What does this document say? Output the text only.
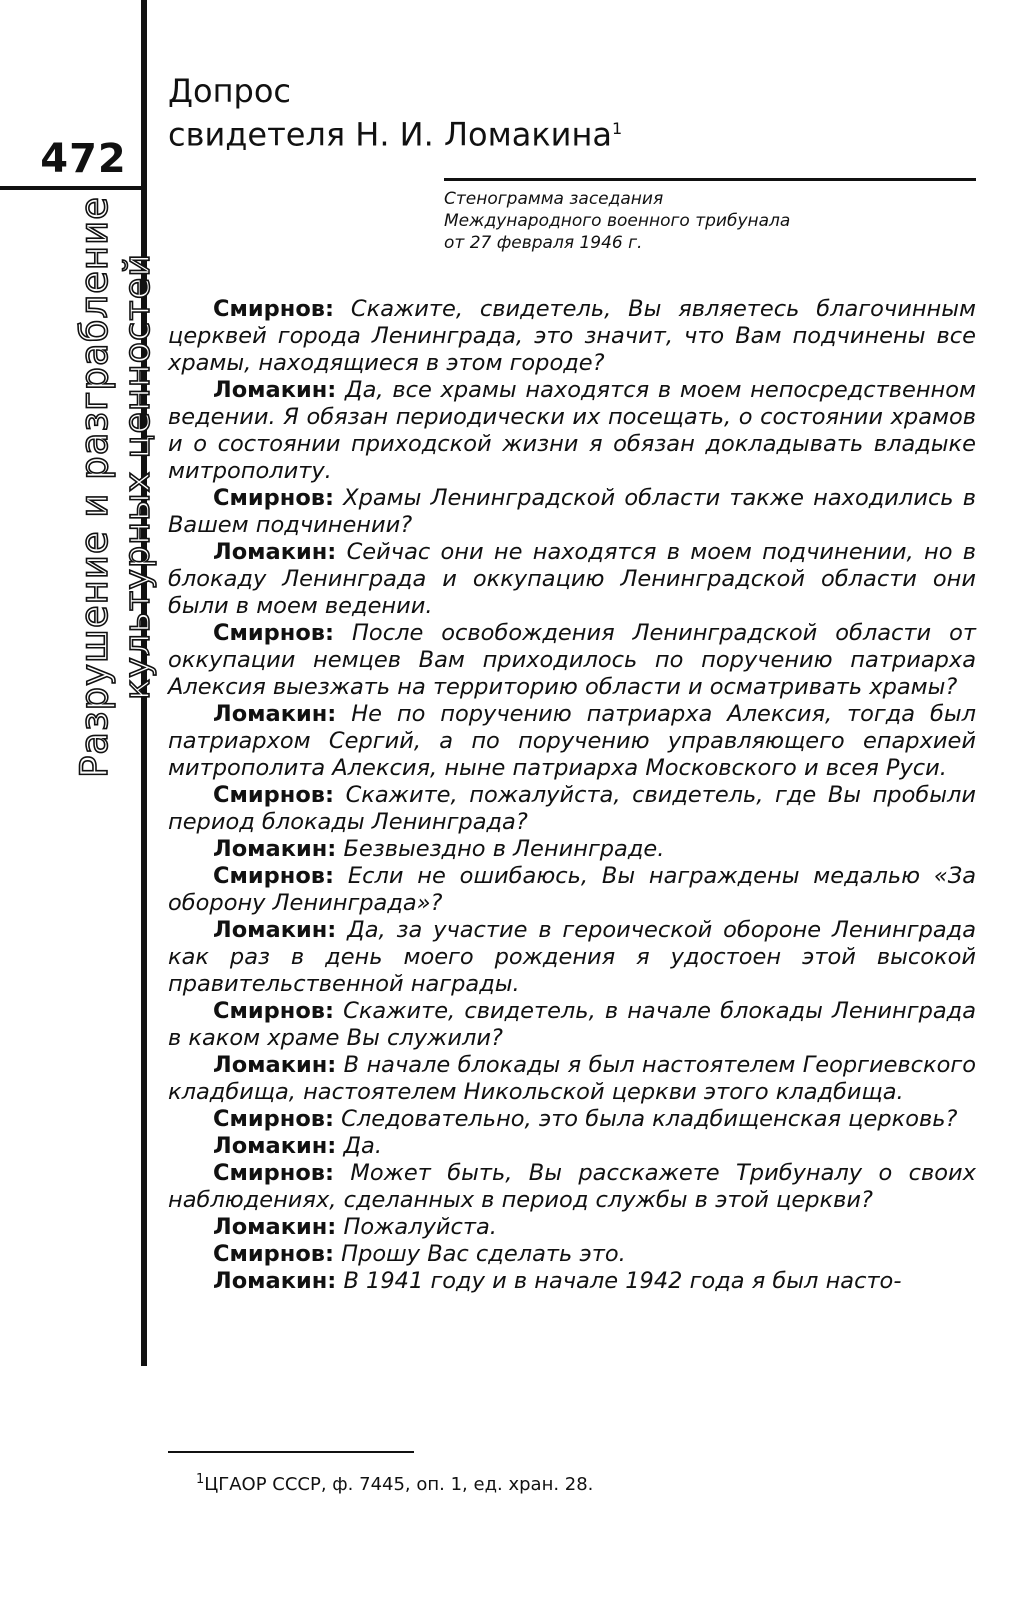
472
Разрушение и разграбление культурных ценностей
Допрос
свидетеля Н. И. Ломакина$^1$
Стенограмма заседания
Международного военного трибунала
от 27 февраля 1946 г.

Смирнов: Скажите, свидетель, Вы являетесь благочинным церквей города Ленинграда, это значит, что Вам подчинены все храмы, находящиеся в этом городе?

Ломакин: Да, все храмы находятся в моем непосредственном ведении. Я обязан периодически их посещать, о состоянии храмов и о состоянии приходской жизни я обязан докладывать владыке митрополиту.

Смирнов: Храмы Ленинградской области также находились в Вашем подчинении?

Ломакин: Сейчас они не находятся в моем подчинении, но в блокаду Ленинграда и оккупацию Ленинградской области они были в моем ведении.

Смирнов: После освобождения Ленинградской области от оккупации немцев Вам приходилось по поручению патриарха Алексия выезжать на территорию области и осматривать храмы?

Ломакин: Не по поручению патриарха Алексия, тогда был патриархом Сергий, а по поручению управляющего епархией митрополита Алексия, ныне патриарха Московского и всея Руси.

Смирнов: Скажите, пожалуйста, свидетель, где Вы пробыли период блокады Ленинграда?

Ломакин: Безвыездно в Ленинграде.

Смирнов: Если не ошибаюсь, Вы награждены медалью «За оборону Ленинграда»?

Ломакин: Да, за участие в героической обороне Ленинграда как раз в день моего рождения я удостоен этой высокой правительственной награды.

Смирнов: Скажите, свидетель, в начале блокады Ленинграда в каком храме Вы служили?

Ломакин: В начале блокады я был настоятелем Георгиевского кладбища, настоятелем Никольской церкви этого кладбища.

Смирнов: Следовательно, это была кладбищенская церковь?

Ломакин: Да.

Смирнов: Может быть, Вы расскажете Трибуналу о своих наблюдениях, сделанных в период службы в этой церкви?

Ломакин: Пожалуйста.

Смирнов: Прошу Вас сделать это.

Ломакин: В 1941 году и в начале 1942 года я был насто-

$^1$ЦГАОР СССР, ф. 7445, оп. 1, ед. хран. 28.
